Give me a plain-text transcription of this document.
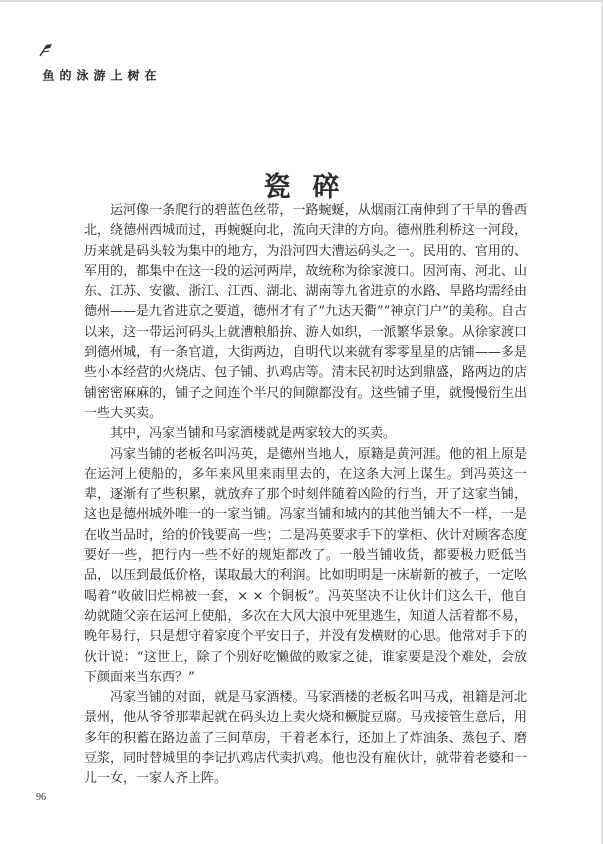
在树上游泳的鱼
瓷碎

运河像一条爬行的碧蓝色丝带，一路蜿蜒，从烟雨江南伸到了干旱的鲁西北，绕德州西城而过，再蜿蜒向北，流向天津的方向。德州胜利桥这一河段，历来就是码头较为集中的地方，为沿河四大漕运码头之一。民用的、官用的、军用的，都集中在这一段的运河两岸，故统称为徐家渡口。因河南、河北、山东、江苏、安徽、浙江、江西、湖北、湖南等九省进京的水路、旱路均需经由德州——是九省进京之要道，德州才有了“九达天衢”“神京门户”的美称。自古以来，这一带运河码头上就漕粮船拚、游人如织，一派繁华景象。从徐家渡口到德州城，有一条官道，大街两边，自明代以来就有零零星星的店铺——多是些小本经营的火烧店、包子铺、扒鸡店等。清末民初时达到鼎盛，路两边的店铺密密麻麻的，铺子之间连个半尺的间隙都没有。这些铺子里，就慢慢衍生出一些大买卖。

其中，冯家当铺和马家酒楼就是两家较大的买卖。

冯家当铺的老板名叫冯英，是德州当地人，原籍是黄河涯。他的祖上原是在运河上使船的，多年来风里来雨里去的，在这条大河上谋生。到冯英这一辈，逐渐有了些积累，就放弃了那个时刻伴随着凶险的行当，开了这家当铺，这也是德州城外唯一的一家当铺。冯家当铺和城内的其他当铺大不一样，一是在收当品时，给的价钱要高一些；二是冯英要求手下的掌柜、伙计对顾客态度要好一些，把行内一些不好的规矩都改了。一般当铺收货，都要极力贬低当品，以压到最低价格，谋取最大的利润。比如明明是一床崭新的被子，一定吆喝着“收破旧烂棉被一套，× × 个铜板”。冯英坚决不让伙计们这么干，他自幼就随父亲在运河上使船，多次在大风大浪中死里逃生，知道人活着都不易，晚年易行，只是想守着家度个平安日子，并没有发横财的心思。他常对手下的伙计说：“这世上，除了个别好吃懒做的败家之徒，谁家要是没个难处，会放下颜面来当东西？”

冯家当铺的对面，就是马家酒楼。马家酒楼的老板名叫马戎，祖籍是河北景州，他从爷爷那辈起就在码头边上卖火烧和橛腚豆腐。马戎接管生意后，用多年的积蓄在路边盖了三间草房，干着老本行，还加上了炸油条、蒸包子、磨豆浆，同时替城里的李记扒鸡店代卖扒鸡。他也没有雇伙计，就带着老婆和一儿一女，一家人齐上阵。

96
